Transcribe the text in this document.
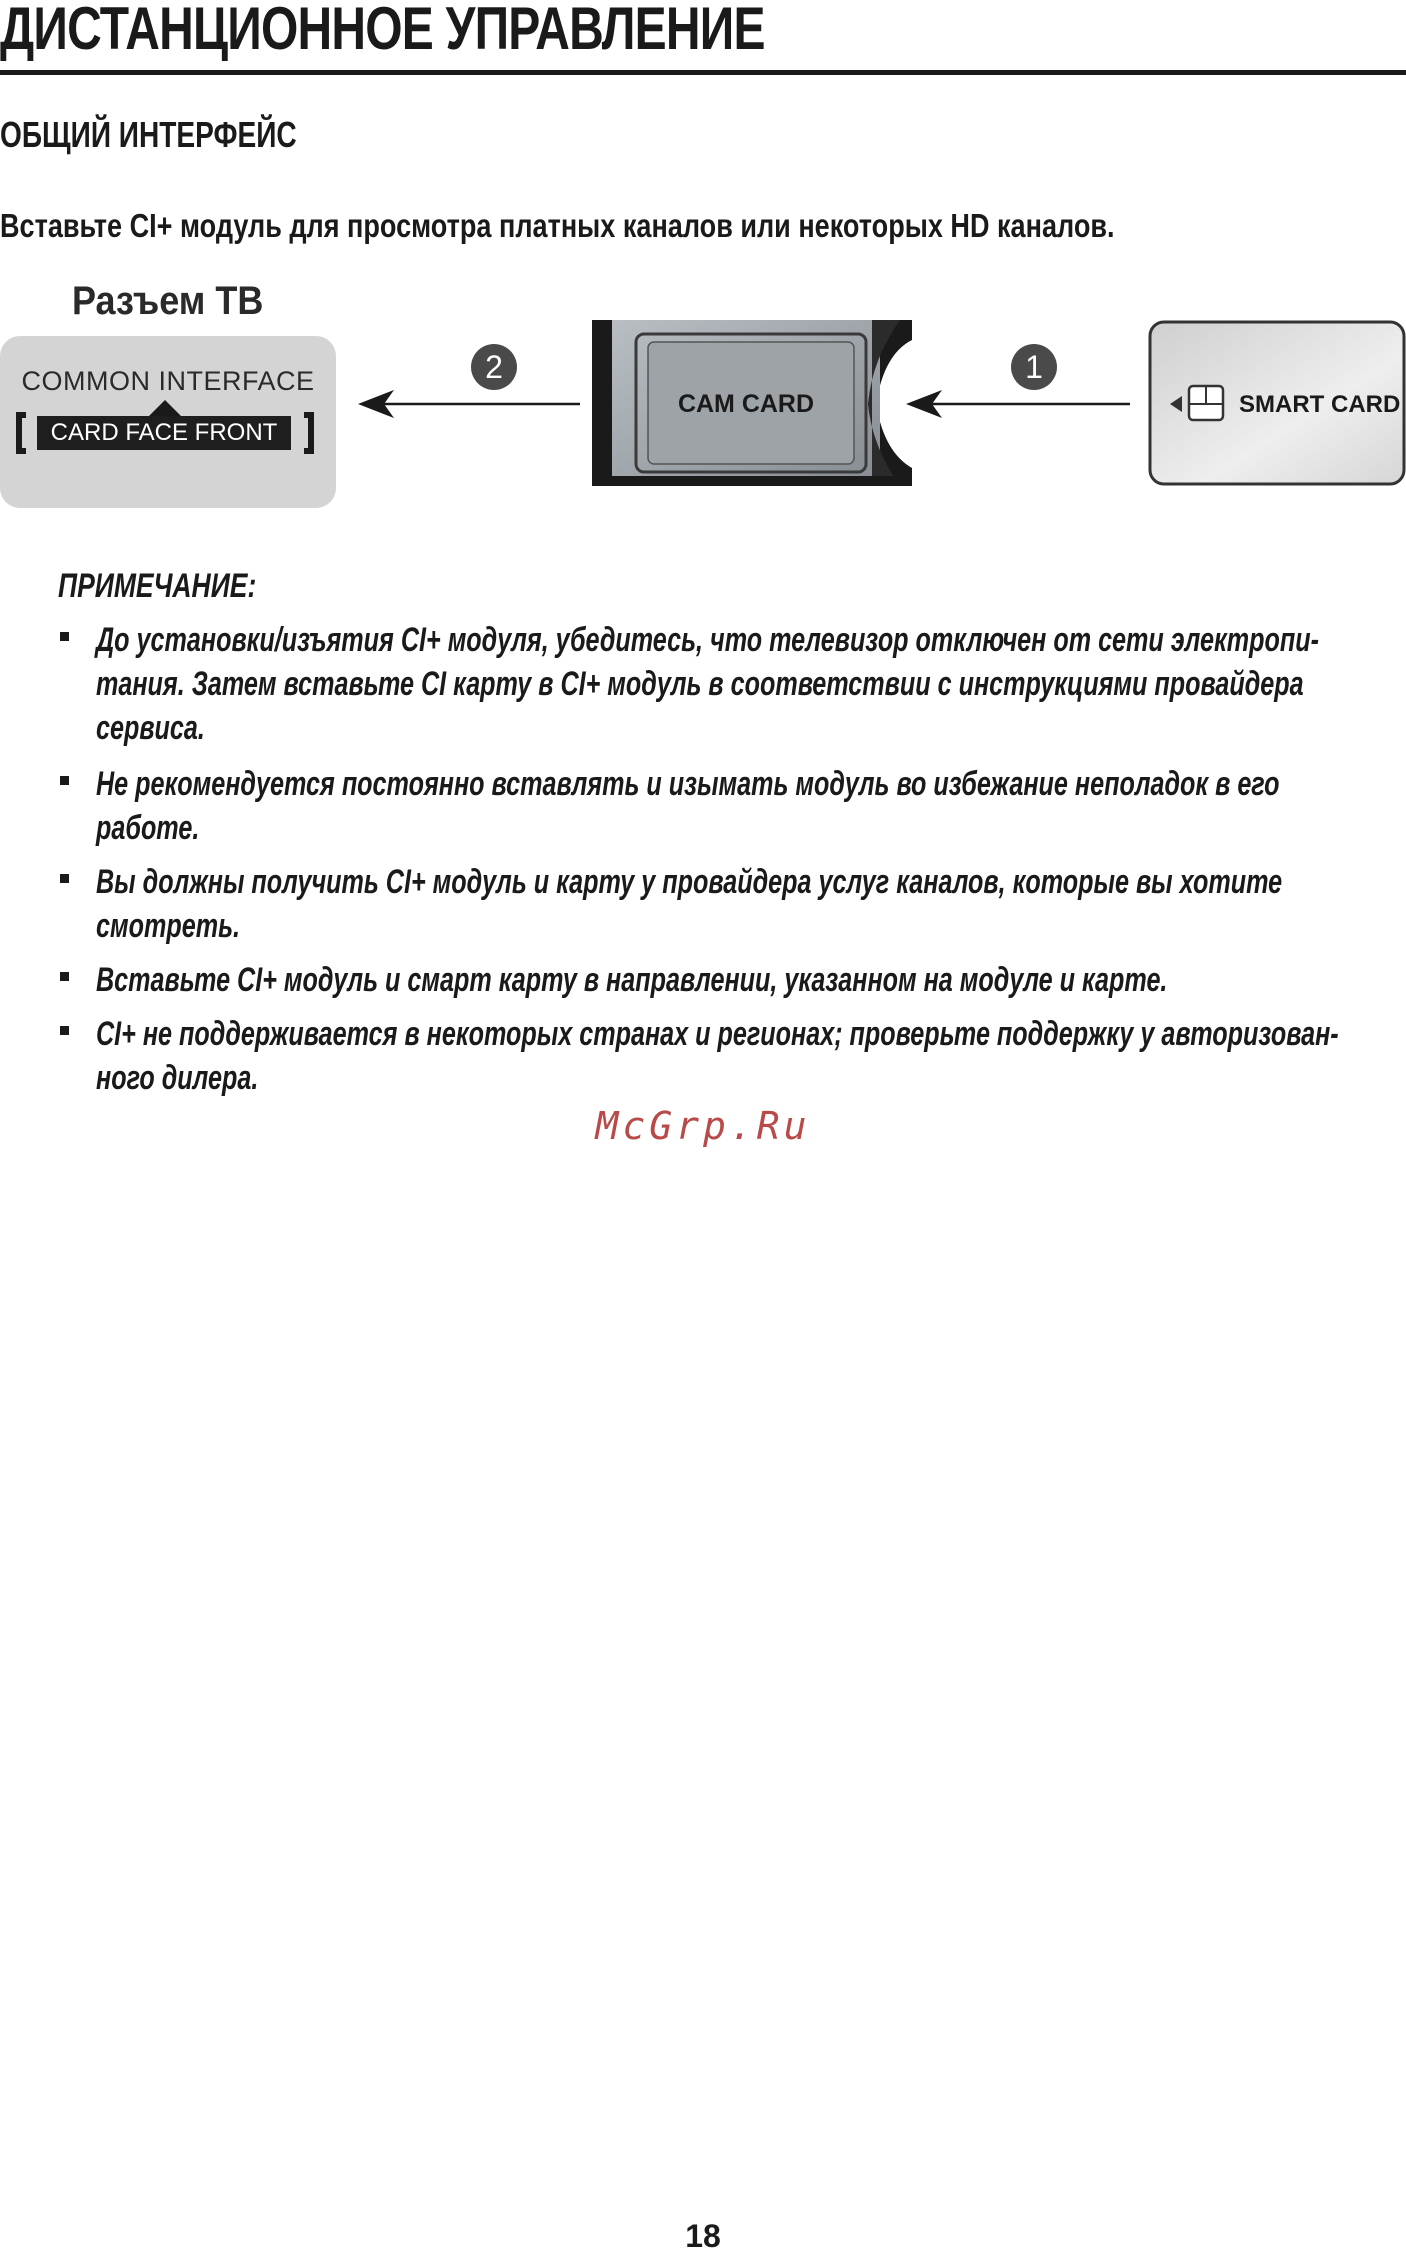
ДИСТАНЦИОННОЕ УПРАВЛЕНИЕ
ОБЩИЙ ИНТЕРФЕЙС
Вставьте CI+ модуль для просмотра платных каналов или некоторых HD каналов.
Разъем ТВ
COMMON INTERFACE
CARD FACE FRONT
2
CAM CARD
1
SMART CARD
ПРИМЕЧАНИЕ:
До установки/изъятия CI+ модуля, убедитесь, что телевизор отключен от сети электропи-
тания. Затем вставьте CI карту в CI+ модуль в соответствии с инструкциями провайдера
сервиса.
Не рекомендуется постоянно вставлять и изымать модуль во избежание неполадок в его
работе.
Вы должны получить CI+ модуль и карту у провайдера услуг каналов, которые вы хотите
смотреть.
Вставьте CI+ модуль и смарт карту в направлении, указанном на модуле и карте.
CI+ не поддерживается в некоторых странах и регионах; проверьте поддержку у авторизован-
ного дилера.
McGrp.Ru
18
